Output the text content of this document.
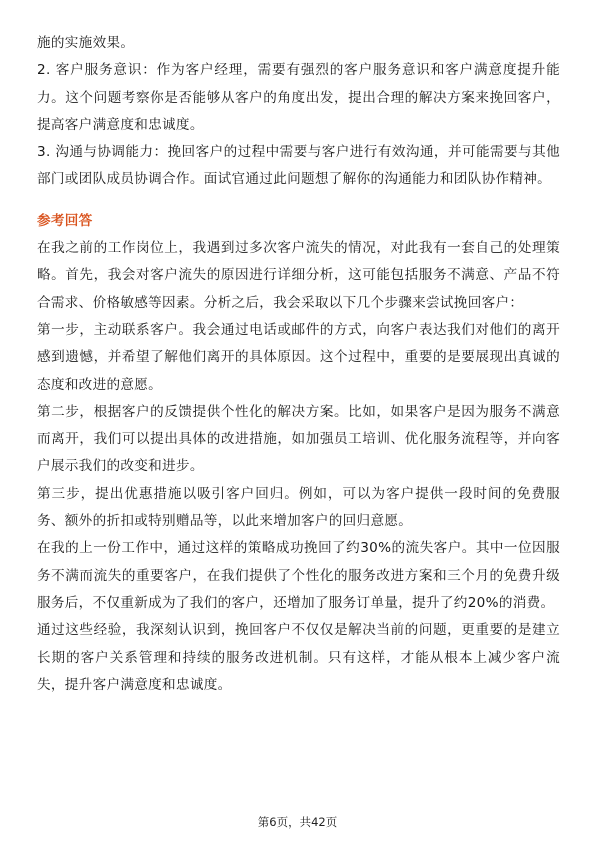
施的实施效果。

2. 客户服务意识：作为客户经理，需要有强烈的客户服务意识和客户满意度提升能力。这个问题考察你是否能够从客户的角度出发，提出合理的解决方案来挽回客户，提高客户满意度和忠诚度。

3. 沟通与协调能力：挽回客户的过程中需要与客户进行有效沟通，并可能需要与其他部门或团队成员协调合作。面试官通过此问题想了解你的沟通能力和团队协作精神。

参考回答

在我之前的工作岗位上，我遇到过多次客户流失的情况，对此我有一套自己的处理策略。首先，我会对客户流失的原因进行详细分析，这可能包括服务不满意、产品不符合需求、价格敏感等因素。分析之后，我会采取以下几个步骤来尝试挽回客户：

第一步，主动联系客户。我会通过电话或邮件的方式，向客户表达我们对他们的离开感到遗憾，并希望了解他们离开的具体原因。这个过程中，重要的是要展现出真诚的态度和改进的意愿。

第二步，根据客户的反馈提供个性化的解决方案。比如，如果客户是因为服务不满意而离开，我们可以提出具体的改进措施，如加强员工培训、优化服务流程等，并向客户展示我们的改变和进步。

第三步，提出优惠措施以吸引客户回归。例如，可以为客户提供一段时间的免费服务、额外的折扣或特别赠品等，以此来增加客户的回归意愿。

在我的上一份工作中，通过这样的策略成功挽回了约30%的流失客户。其中一位因服务不满而流失的重要客户，在我们提供了个性化的服务改进方案和三个月的免费升级服务后，不仅重新成为了我们的客户，还增加了服务订单量，提升了约20%的消费。

通过这些经验，我深刻认识到，挽回客户不仅仅是解决当前的问题，更重要的是建立长期的客户关系管理和持续的服务改进机制。只有这样，才能从根本上减少客户流失，提升客户满意度和忠诚度。

第6页，共42页
